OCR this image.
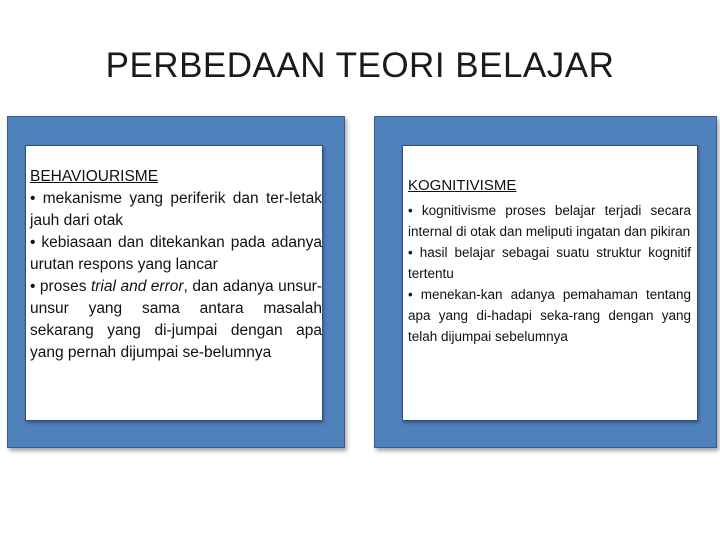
PERBEDAAN TEORI BELAJAR
BEHAVIOURISME
• mekanisme yang periferik dan ter-letak jauh dari otak
• kebiasaan dan ditekankan pada adanya urutan respons yang lancar
• proses trial and error, dan adanya unsur-unsur yang sama antara masalah sekarang yang di-jumpai dengan apa yang pernah dijumpai se-belumnya
KOGNITIVISME
• kognitivisme proses belajar terjadi secara internal di otak dan meliputi ingatan dan pikiran
• hasil belajar sebagai suatu struktur kognitif tertentu
• menekan-kan adanya pemahaman tentang apa yang di-hadapi seka-rang dengan yang telah dijumpai sebelumnya
